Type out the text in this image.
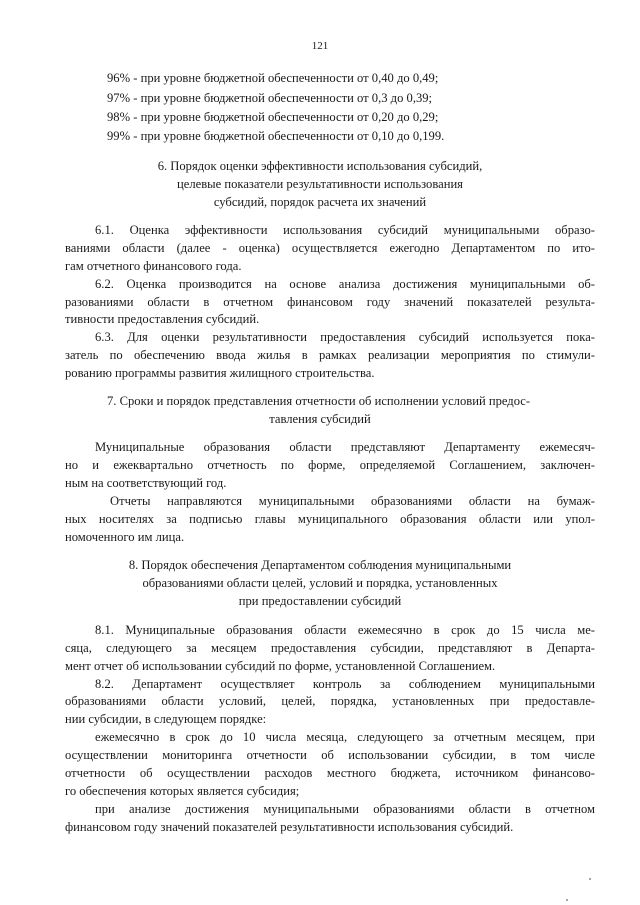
121

96% - при уровне бюджетной обеспеченности от 0,40 до 0,49;

97% - при уровне бюджетной обеспеченности от 0,3 до 0,39;

98% - при уровне бюджетной обеспеченности от 0,20 до 0,29;

99% - при уровне бюджетной обеспеченности от 0,10 до 0,199.

6. Порядок оценки эффективности использования субсидий,

целевые показатели результативности использования

субсидий, порядок расчета их значений

6.1. Оценка эффективности использования субсидий муниципальными образо-

ваниями области (далее - оценка) осуществляется ежегодно Департаментом по ито-

гам отчетного финансового года.

6.2. Оценка производится на основе анализа достижения муниципальными об-

разованиями области в отчетном финансовом году значений показателей результа-

тивности предоставления субсидий.

6.3. Для оценки результативности предоставления субсидий используется пока-

затель по обеспечению ввода жилья в рамках реализации мероприятия по стимули-

рованию программы развития жилищного строительства.

7. Сроки и порядок представления отчетности об исполнении условий предос-

тавления субсидий

Муниципальные образования области представляют Департаменту ежемесяч-

но и ежеквартально отчетность по форме, определяемой Соглашением, заключен-

ным на соответствующий год.

Отчеты направляются муниципальными образованиями области на бумаж-

ных носителях за подписью главы муниципального образования области или упол-

номоченного им лица.

8. Порядок обеспечения Департаментом соблюдения муниципальными

образованиями области целей, условий и порядка, установленных

при предоставлении субсидий

8.1. Муниципальные образования области ежемесячно в срок до 15 числа ме-

сяца, следующего за месяцем предоставления субсидии, представляют в Департа-

мент отчет об использовании субсидий по форме, установленной Соглашением.

8.2. Департамент осуществляет контроль за соблюдением муниципальными

образованиями области условий, целей, порядка, установленных при предоставле-

нии субсидии, в следующем порядке:

ежемесячно в срок до 10 числа месяца, следующего за отчетным месяцем, при

осуществлении мониторинга отчетности об использовании субсидии, в том числе

отчетности об осуществлении расходов местного бюджета, источником финансово-

го обеспечения которых является субсидия;

при анализе достижения муниципальными образованиями области в отчетном

финансовом году значений показателей результативности использования субсидий.
